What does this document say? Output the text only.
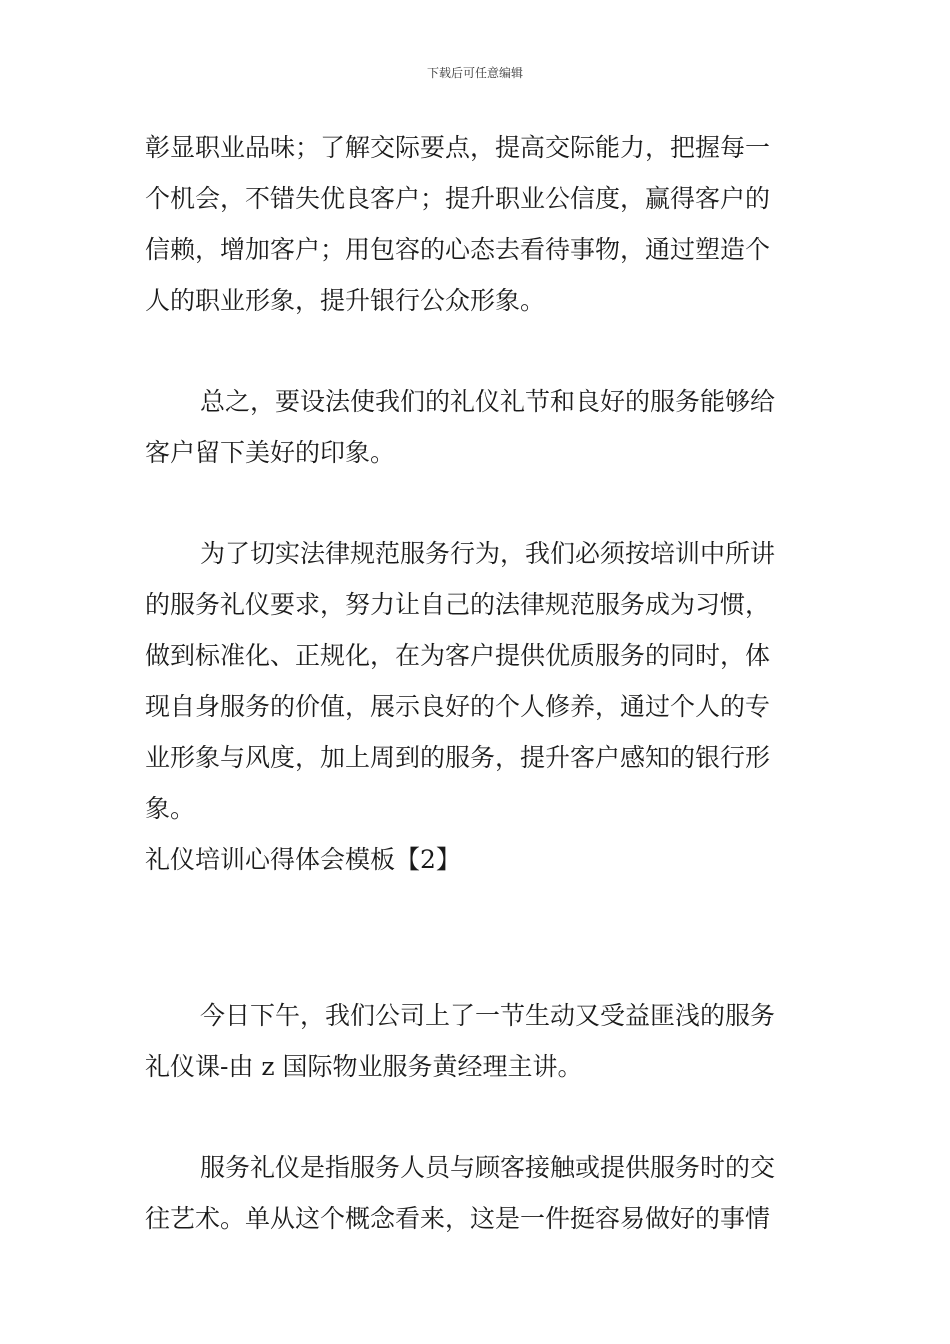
下载后可任意编辑
彰显职业品味；了解交际要点，提高交际能力，把握每一
个机会，不错失优良客户；提升职业公信度，赢得客户的
信赖，增加客户；用包容的心态去看待事物，通过塑造个
人的职业形象，提升银行公众形象。
总之，要设法使我们的礼仪礼节和良好的服务能够给
客户留下美好的印象。
为了切实法律规范服务行为，我们必须按培训中所讲
的服务礼仪要求，努力让自己的法律规范服务成为习惯，
做到标准化、正规化，在为客户提供优质服务的同时，体
现自身服务的价值，展示良好的个人修养，通过个人的专
业形象与风度，加上周到的服务，提升客户感知的银行形
象。
礼仪培训心得体会模板【2】
今日下午，我们公司上了一节生动又受益匪浅的服务
礼仪课-由 z 国际物业服务黄经理主讲。
服务礼仪是指服务人员与顾客接触或提供服务时的交
往艺术。单从这个概念看来，这是一件挺容易做好的事情
